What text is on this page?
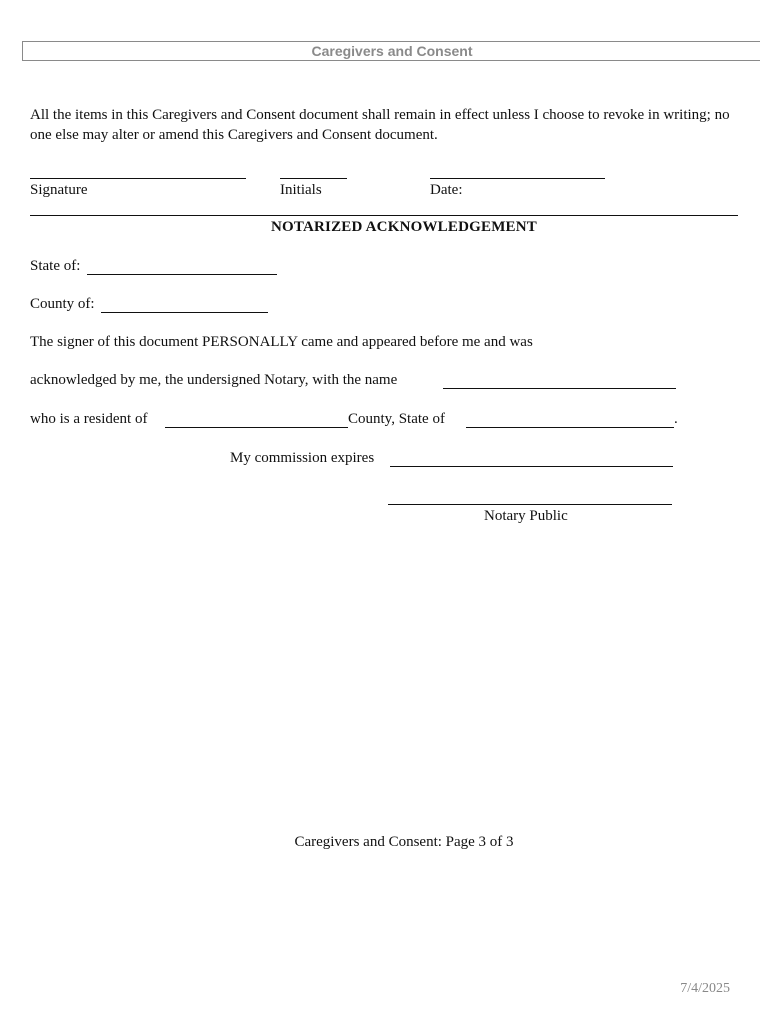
Caregivers and Consent
All the items in this Caregivers and Consent document shall remain in effect unless I choose to revoke in writing; no one else may alter or amend this Caregivers and Consent document.
Signature	Initials	Date:
NOTARIZED ACKNOWLEDGEMENT
State of:
County of:
The signer of this document PERSONALLY came and appeared before me and was
acknowledged by me, the undersigned Notary, with the name
who is a resident of	County, State of	.
My commission expires
Notary Public
Caregivers and Consent: Page 3 of 3
7/4/2025
